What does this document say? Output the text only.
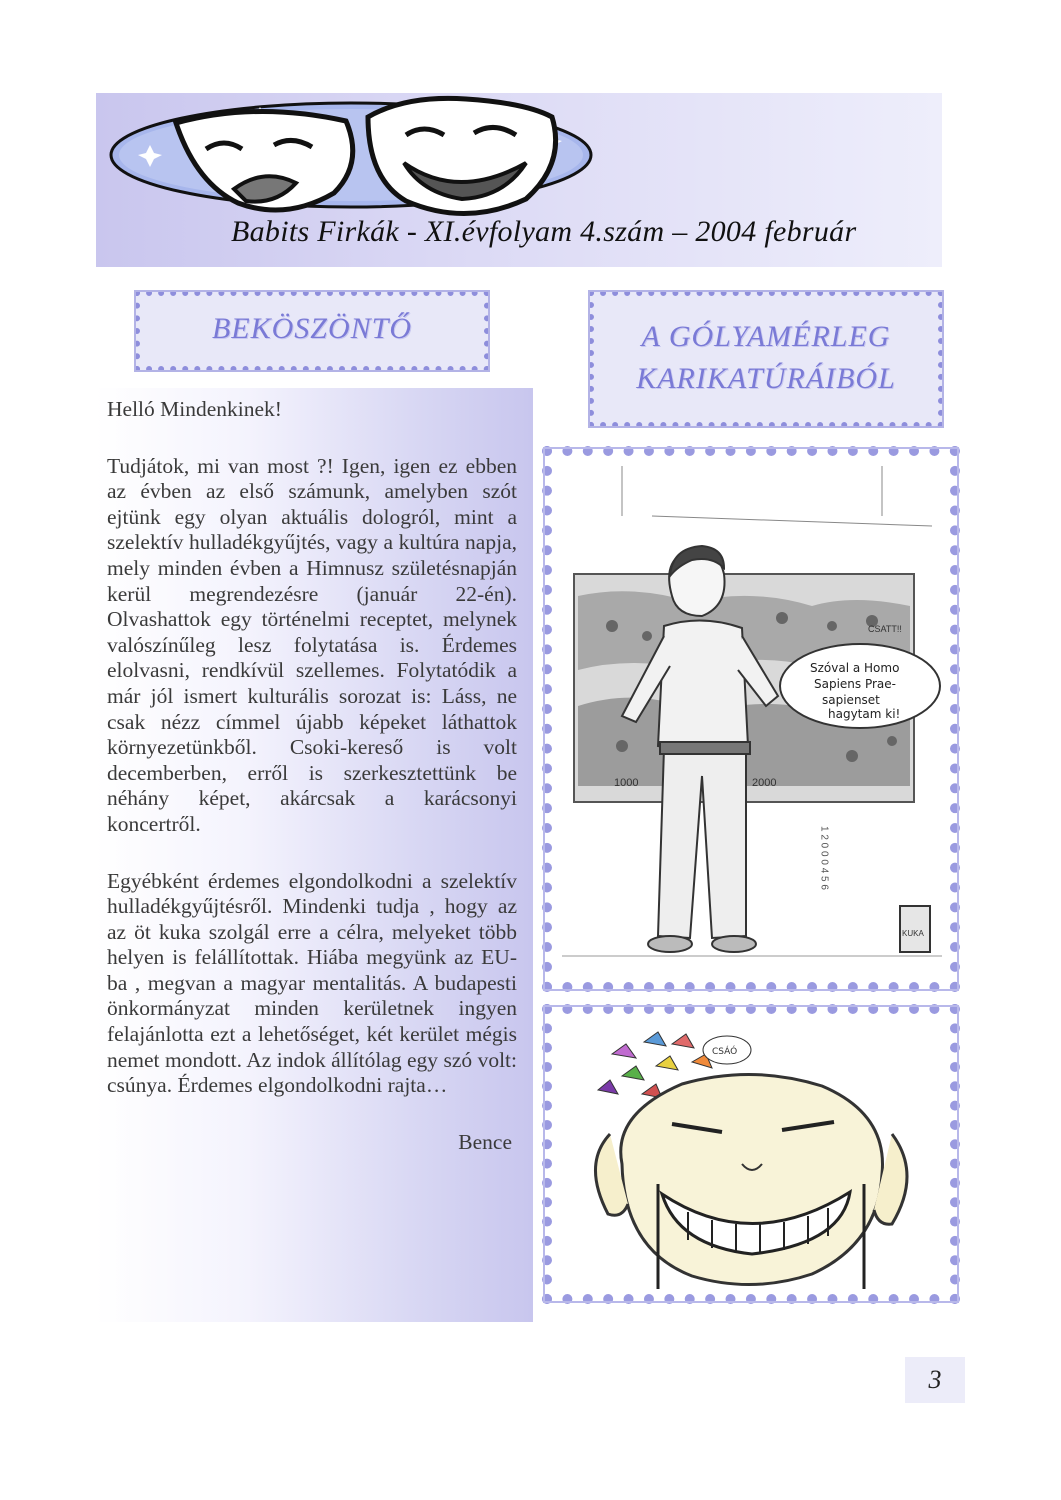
Babits Firkák - XI.évfolyam 4.szám – 2004 február
BEKÖSZÖNTŐ	A GÓLYAMÉRLEG
KARIKATÚRÁIBÓL
Helló Mindenkinek!

Tudjátok, mi van most ?! Igen, igen ez ebben az évben az első számunk, amelyben szót ejtünk egy olyan aktuális dologról, mint a szelektív hulladékgyűjtés, vagy a kultúra napja, mely minden évben a Himnusz születésnapján kerül megrendezésre (január 22-én). Olvashattok egy történelmi receptet, melynek valószínűleg lesz folytatása is. Érdemes elolvasni, rendkívül szellemes. Folytatódik a már jól ismert kulturális sorozat is: Láss, ne csak nézz címmel újabb képeket láthattok környezetünkből. Csoki-kereső is volt decemberben, erről is szerkesztettünk be néhány képet, akárcsak a karácsonyi koncertről.

Egyébként érdemes elgondolkodni a szelektív hulladékgyűjtésről. Mindenki tudja , hogy az az öt kuka szolgál erre a célra, melyeket több helyen is felállítottak. Hiába megyünk az EU-ba , megvan a magyar mentalitás. A budapesti önkormányzat minden kerületnek ingyen felajánlotta ezt a lehetőséget, két kerület mégis nemet mondott. Az indok állítólag egy szó volt: csúnya. Érdemes elgondolkodni rajta…

Bence
CSATT!!
1000	2000
Szóval a Homo Sapiens Prae- sapienset hagytam ki!
1 2 0 0 0 4 5 6
KUKA
CSÁÓ
3
